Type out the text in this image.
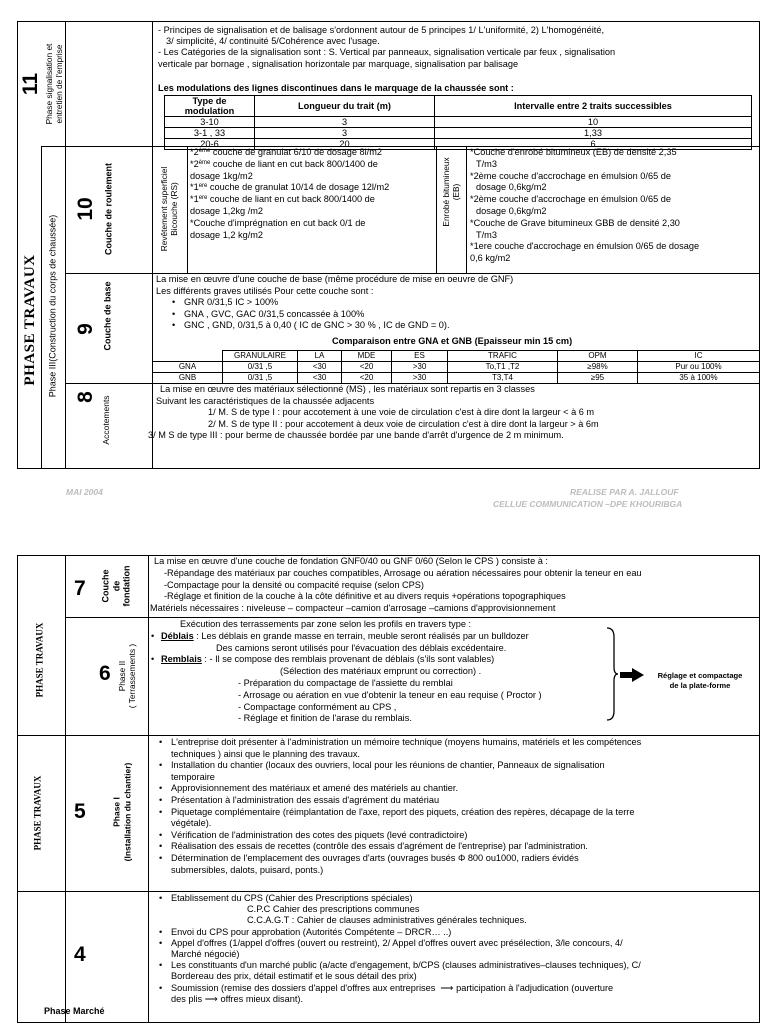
PHASE TRAVAUX Phase III(Construction du corps de chaussée)
11 Phase signalisation et
entretien de l'emprise
- Principes de signalisation et de balisage s'ordonnent autour de 5 principes 1/ L'uniformité, 2) L'homogénéité,
3/ simplicité, 4/ continuité 5/Cohérence avec l'usage.
- Les Catégories de la signalisation sont : S. Vertical par panneaux, signalisation verticale par feux , signalisation
verticale par bornage , signalisation horizontale par marquage, signalisation par balisage
Les modulations des lignes discontinues dans le marquage de la chaussée sont :
Type de modulation	Longueur du trait (m)	Intervalle entre 2 traits successibles
3-10	3	10
3-1 , 33	3	1,33
20-6	20	6
10 Couche de roulement	Revêtement superficiel
Bicouche (RS)
*2ème couche de granulat 6/10 de dosage 8l/m2
*2ème couche de liant en cut back 800/1400 de
dosage 1kg/m2
*1ere couche de granulat 10/14 de dosage 12l/m2
*1ere couche de liant en cut back 800/1400 de
dosage 1,2kg /m2
*Couche d'imprégnation en cut back 0/1 de
dosage 1,2 kg/m2
Enrobé bitumineux
(EB)
*Couche d'enrobé bitumineux (EB) de densité 2,35
T/m3
*2ème couche d'accrochage en émulsion 0/65 de
dosage 0,6kg/m2
*2ème couche d'accrochage en émulsion 0/65 de
dosage 0,6kg/m2
*Couche de Grave bitumineux GBB de densité 2,30
T/m3
*1ere couche d'accrochage en émulsion 0/65 de dosage
0,6 kg/m2
9 Couche de base
La mise en œuvre d'une couche de base (même procédure de mise en oeuvre de GNF)
Les différents graves utilisés Pour cette couche sont :
• GNR 0/31,5 IC > 100%
• GNA , GVC, GAC 0/31,5 concassée à 100%
• GNC , GND, 0/31,5 à 0,40 ( IC de GNC > 30 % , IC de GND = 0).
Comparaison entre GNA et GNB (Epaisseur min 15 cm)
	GRANULAIRE	LA	MDE	ES	TRAFIC	OPM	IC
GNA	0/31 ,5	<30	<20	>30	To,T1 ,T2	≥98%	Pur ou 100%
GNB	0/31 ,5	<30	<20	>30	T3,T4	≥95	35 à 100%
8 Accotements
La mise en œuvre des matériaux sélectionné (MS) , les matériaux sont repartis en 3 classes
Suivant les caractéristiques de la chaussée adjacents
1/ M. S de type I : pour accotement à une voie de circulation c'est à dire dont la largeur < à 6 m
2/ M. S de type II : pour accotement à deux voie de circulation c'est à dire dont la largeur > à 6m
3/ M S de type III : pour berme de chaussée bordée par une bande d'arrêt d'urgence de 2 m minimum.
MAI 2004	REALISE PAR A. JALLOUF
CELLUE COMMUNICATION –DPE KHOURIBGA
7 Couche
de
fondation
La mise en œuvre d'une couche de fondation GNF0/40 ou GNF 0/60 (Selon le CPS ) consiste à :
-Répandage des matériaux par couches compatibles, Arrosage ou aération nécessaires pour obtenir la teneur en eau
-Compactage pour la densité ou compacité requise (selon CPS)
-Réglage et finition de la couche à la côte définitive et au divers requis +opérations topographiques
Matériels nécessaires : niveleuse – compacteur –camion d'arrosage –camions d'approvisionnement
PHASE TRAVAUX	6 Phase II
( Terrassements )
Exécution des terrassements par zone selon les profils en travers type :
• Déblais : Les déblais en grande masse en terrain, meuble seront réalisés par un bulldozer
Des camions seront utilisés pour l'évacuation des déblais excédentaire.
• Remblais : - Il se compose des remblais provenant de déblais (s'ils sont valables)
(Sélection des matériaux emprunt ou correction) .
- Préparation du compactage de l'assiette du remblai
- Arrosage ou aération en vue d'obtenir la teneur en eau requise ( Proctor )
- Compactage conformément au CPS ,
- Réglage et finition de l'arase du remblais.
Réglage et compactage
de la plate-forme
PHASE TRAVAUX 5	Phase I
(Installation du chantier)
• L'entreprise doit présenter à l'administration un mémoire technique (moyens humains, matériels et les compétences
techniques ) ainsi que le planning des travaux.
• Installation du chantier (locaux des ouvriers, local pour les réunions de chantier, Panneaux de signalisation
temporaire
• Approvisionnement des matériaux et amené des matériels au chantier.
• Présentation à l'administration des essais d'agrément du matériau
• Piquetage complémentaire (réimplantation de l'axe, report des piquets, création des repères, décapage de la terre
végétale).
• Vérification de l'administration des cotes des piquets (levé contradictoire)
• Réalisation des essais de recettes (contrôle des essais d'agrément de l'entreprise) par l'administration.
• Détermination de l'emplacement des ouvrages d'arts (ouvrages busés Φ 800 ou1000, radiers évidés
submersibles, dalots, puisard, ponts.)
4
Phase Marché
• Etablissement du CPS (Cahier des Prescriptions spéciales)
C.P.C Cahier des prescriptions communes
C.C.A.G.T : Cahier de clauses administratives générales techniques.
• Envoi du CPS pour approbation (Autorités Compétente – DRCR… ..)
• Appel d'offres (1/appel d'offres (ouvert ou restreint), 2/ Appel d'offres ouvert avec présélection, 3/le concours, 4/
Marché négocié)
• Les constituants d'un marché public (a/acte d'engagement, b/CPS (clauses administratives–clauses techniques), C/
Bordereau des prix, détail estimatif et le sous détail des prix)
• Soumission (remise des dossiers d'appel d'offres aux entreprises ⟶ participation à l'adjudication (ouverture
des plis ⟶ offres mieux disant).
